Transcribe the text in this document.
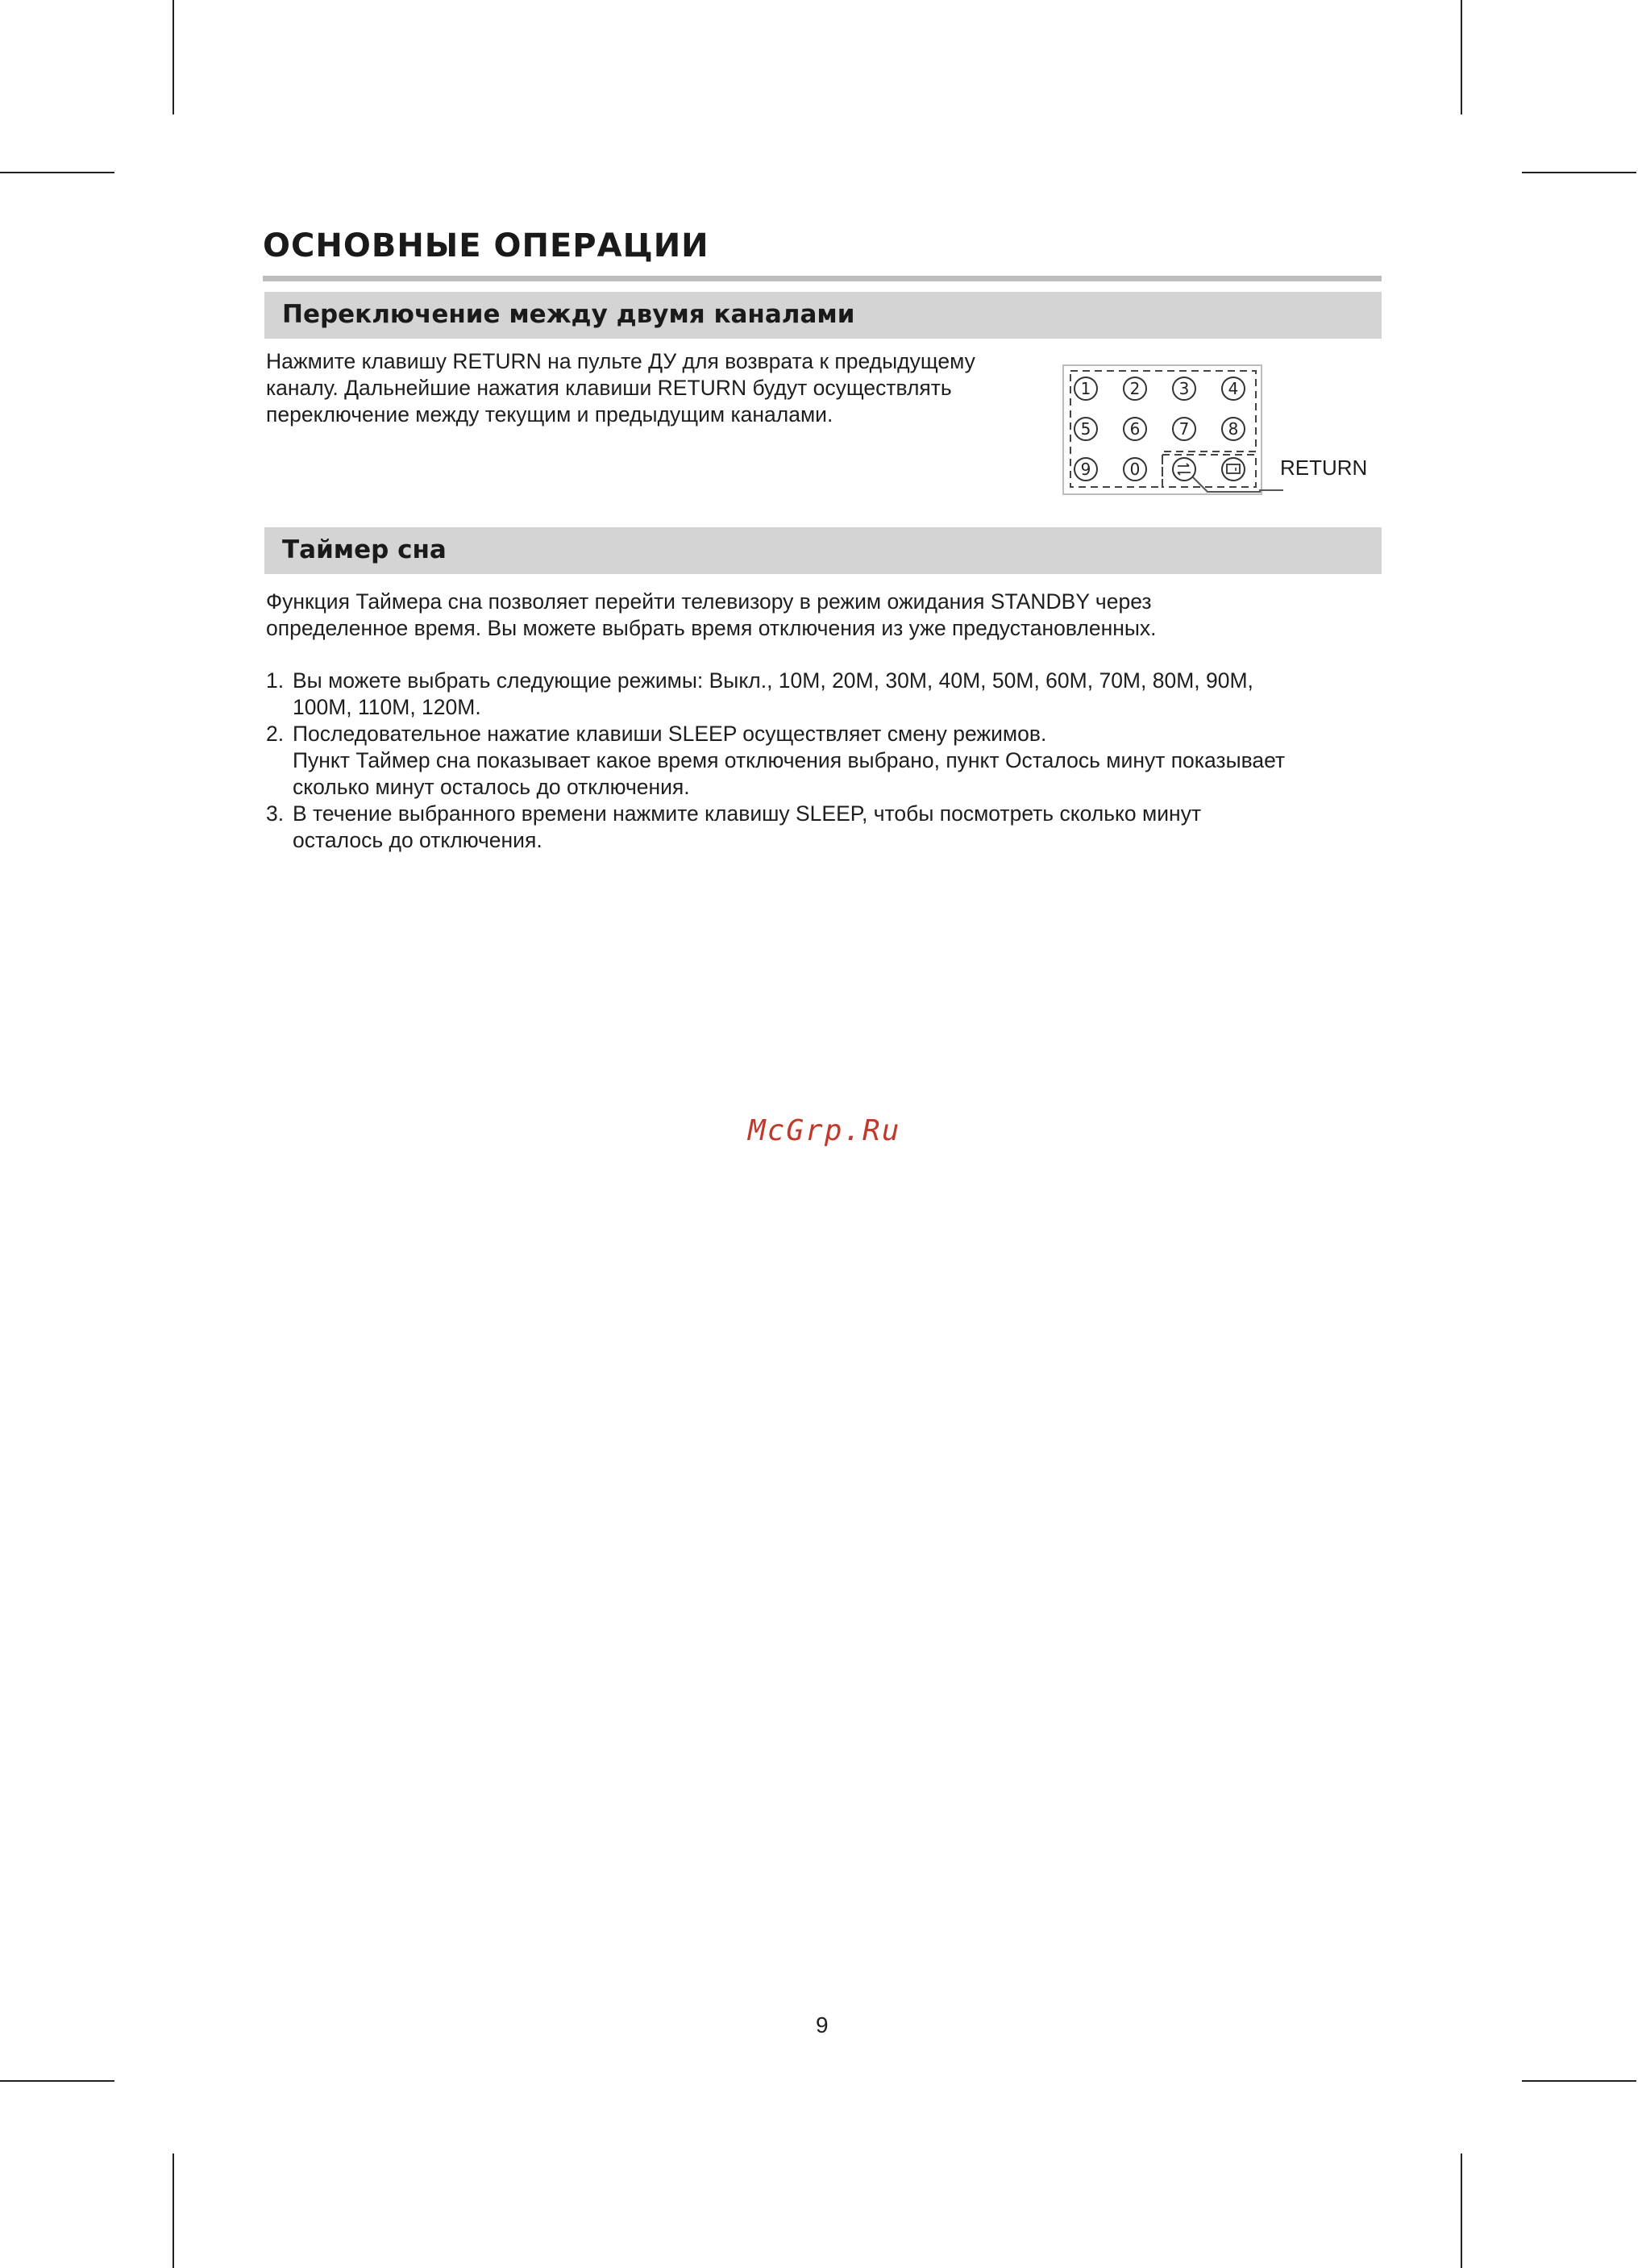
ОСНОВНЫЕ ОПЕРАЦИИ
Переключение между двумя каналами

Нажмите клавишу RETURN на пульте ДУ для возврата к предыдущему

каналу. Дальнейшие нажатия клавиши RETURN будут осуществлять

переключение между текущим и предыдущим каналами.

1 2 3 4
5 6 7 8
9 0	RETURN
Таймер сна

Функция Таймера сна позволяет перейти телевизору в режим ожидания STANDBY через

определенное время. Вы можете выбрать время отключения из уже предустановленных.

1. Вы можете выбрать следующие режимы: Выкл., 10М, 20М, 30М, 40М, 50М, 60М, 70М, 80М, 90М,

100М, 110М, 120М.

2. Последовательное нажатие клавиши SLEEP осуществляет смену режимов.

Пункт Таймер сна показывает какое время отключения выбрано, пункт Осталось минут показывает

сколько минут осталось до отключения.

3. В течение выбранного времени нажмите клавишу SLEEP, чтобы посмотреть сколько минут

осталось до отключения.

McGrp.Ru
9
